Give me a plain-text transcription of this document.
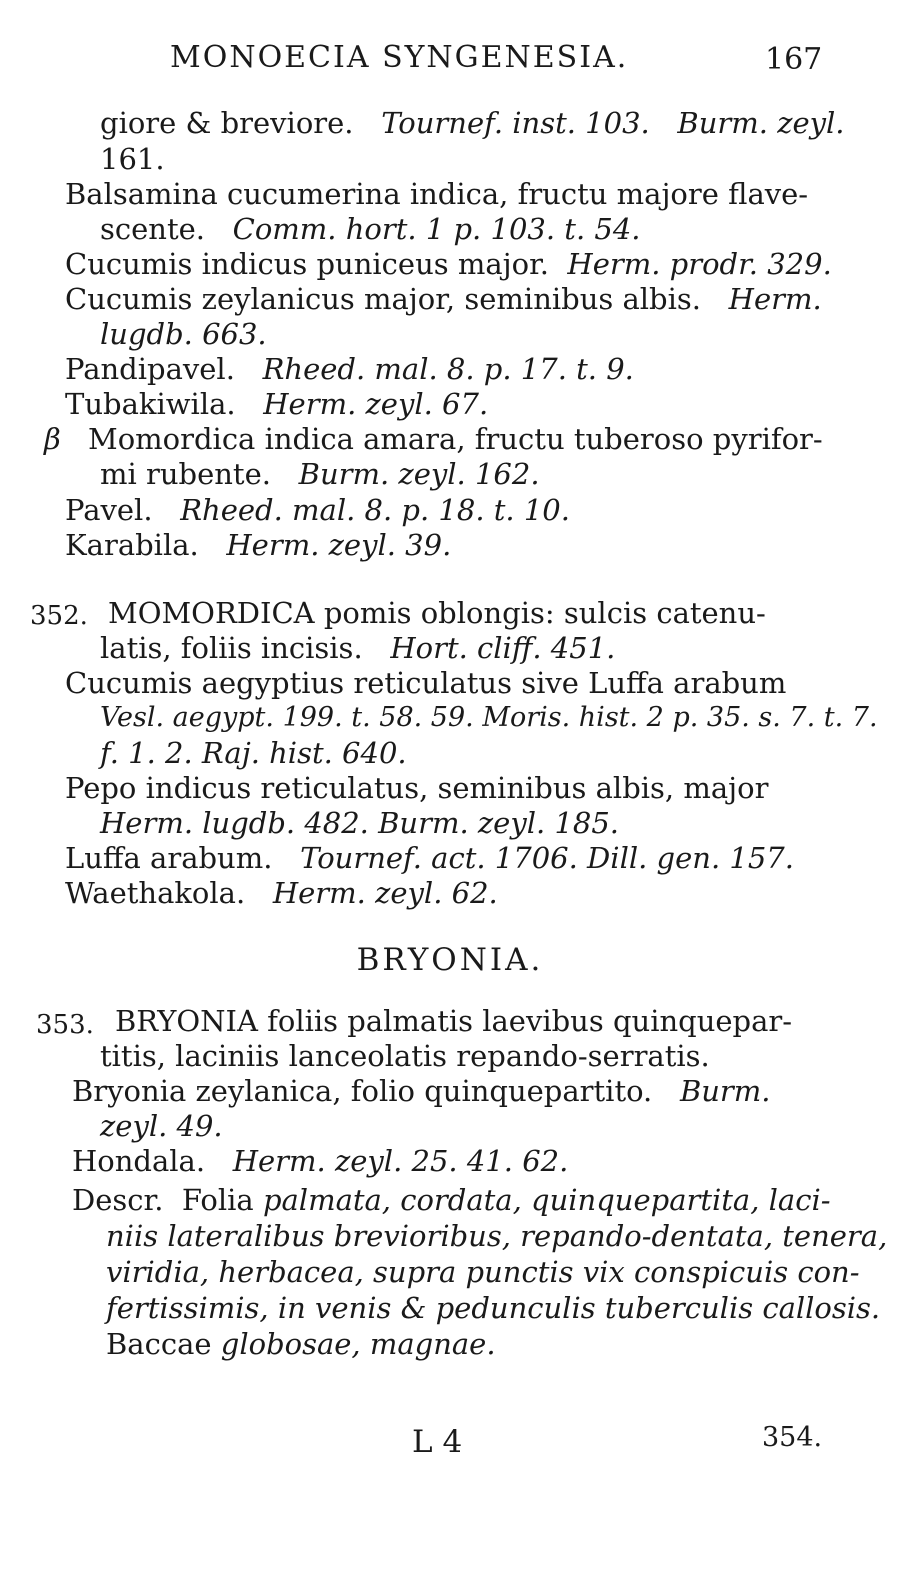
MONOECIA SYNGENESIA.	167
giore & breviore. Tournef. inst. 103. Burm. zeyl.
161.
Balsamina cucumerina indica, fructu majore flave-
scente. Comm. hort. 1 p. 103. t. 54.
Cucumis indicus puniceus major. Herm. prodr. 329.
Cucumis zeylanicus major, seminibus albis. Herm.
lugdb. 663.
Pandipavel. Rheed. mal. 8. p. 17. t. 9.
Tubakiwila. Herm. zeyl. 67.
β Momordica indica amara, fructu tuberoso pyrifor-
mi rubente. Burm. zeyl. 162.
Pavel. Rheed. mal. 8. p. 18. t. 10.
Karabila. Herm. zeyl. 39.
352. MOMORDICA pomis oblongis: sulcis catenu-
latis, foliis incisis. Hort. cliff. 451.
Cucumis aegyptius reticulatus sive Luffa arabum
Vesl. aegypt. 199. t. 58. 59. Moris. hist. 2 p. 35. s. 7. t. 7.
f. 1. 2. Raj. hist. 640.
Pepo indicus reticulatus, seminibus albis, major
Herm. lugdb. 482. Burm. zeyl. 185.
Luffa arabum. Tournef. act. 1706. Dill. gen. 157.
Waethakola. Herm. zeyl. 62.
BRYONIA.
353. BRYONIA foliis palmatis laevibus quinquepar-
titis, laciniis lanceolatis repando-serratis.
Bryonia zeylanica, folio quinquepartito. Burm.
zeyl. 49.
Hondala. Herm. zeyl. 25. 41. 62.
Descr. Folia palmata, cordata, quinquepartita, laci-
niis lateralibus brevioribus, repando-dentata, tenera,
viridia, herbacea, supra punctis vix conspicuis con-
fertissimis, in venis & pedunculis tuberculis callosis.
Baccae globosae, magnae.
L 4	354.
